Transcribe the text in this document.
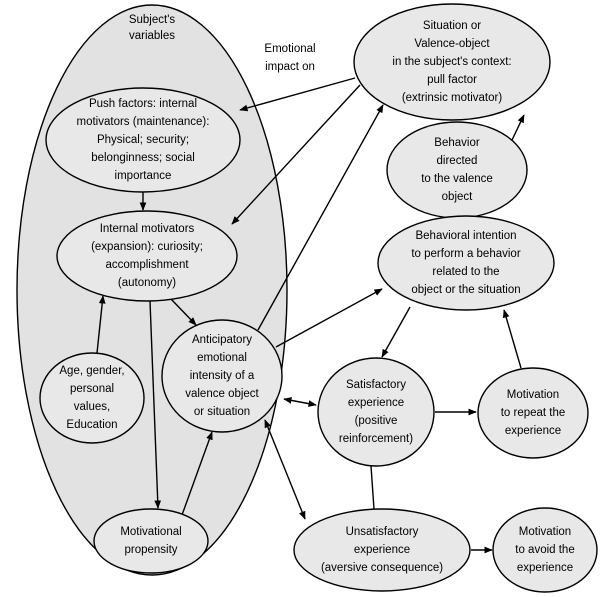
Subject's
variables
Push factors: internal
motivators (maintenance):
Physical; security;
belonginness; social
importance
Internal motivators
(expansion): curiosity;
accomplishment
(autonomy)
Age, gender,
personal
values,
Education
Anticipatory
emotional
intensity of a
valence object
or situation
Motivational
propensity
Situation or
Valence-object
in the subject's context:
pull factor
(extrinsic motivator)
Behavior
directed
to the valence
object
Behavioral intention
to perform a behavior
related to the
object or the situation
Satisfactory
experience
(positive
reinforcement)
Motivation
to repeat the
experience
Unsatisfactory
experience
(aversive consequence)
Motivation
to avoid the
experience
Emotional
impact on
